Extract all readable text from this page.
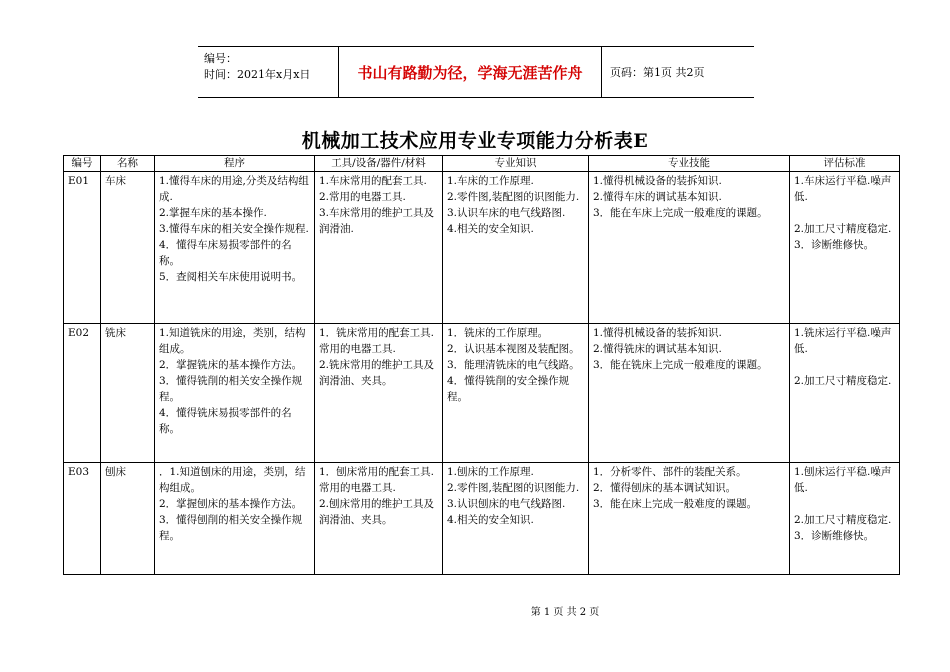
编号：
时间：2021年x月x日	书山有路勤为径，学海无涯苦作舟	页码：第1页 共2页
机械加工技术应用专业专项能力分析表E
编号	名称	程序	工具/设备/器件/材料	专业知识	专业技能	评估标准
E01	车床	1.懂得车床的用途,分类及结构组成.
2.掌握车床的基本操作.
3.懂得车床的相关安全操作规程.
4．懂得车床易损零部件的名称。
5．查阅相关车床使用说明书。	1.车床常用的配套工具.
2.常用的电器工具.
3.车床常用的维护工具及润滑油.	1.车床的工作原理.
2.零件图,装配图的识图能力.
3.认识车床的电气线路图.
4.相关的安全知识.	1.懂得机械设备的装拆知识.
2.懂得车床的调试基本知识.
3．能在车床上完成一般难度的课题。	1.车床运行平稳.噪声低.

2.加工尺寸精度稳定.
3．诊断维修快。

E02	铣床	1.知道铣床的用途，类别，结构组成。
2．掌握铣床的基本操作方法。
3．懂得铣削的相关安全操作规程。
4．懂得铣床易损零部件的名称。	1．铣床常用的配套工具.常用的电器工具.
2.铣床常用的维护工具及润滑油、夹具。	1．铣床的工作原理。
2．认识基本视图及装配图。
3．能理清铣床的电气线路。
4．懂得铣削的安全操作规程。	1.懂得机械设备的装拆知识.
2.懂得铣床的调试基本知识.
3．能在铣床上完成一般难度的课题。	1.铣床运行平稳.噪声低.

2.加工尺寸精度稳定.

E03	刨床	．1.知道刨床的用途，类别，结构组成。
2．掌握刨床的基本操作方法。
3．懂得刨削的相关安全操作规程。	1．刨床常用的配套工具.常用的电器工具.
2.刨床常用的维护工具及润滑油、夹具。	1.刨床的工作原理.
2.零件图,装配图的识图能力.
3.认识刨床的电气线路图.
4.相关的安全知识.	1．分析零件、部件的装配关系。
2．懂得刨床的基本调试知识。
3．能在床上完成一般难度的课题。	1.刨床运行平稳.噪声低.

2.加工尺寸精度稳定.
3．诊断维修快。
第 1 页 共 2 页
